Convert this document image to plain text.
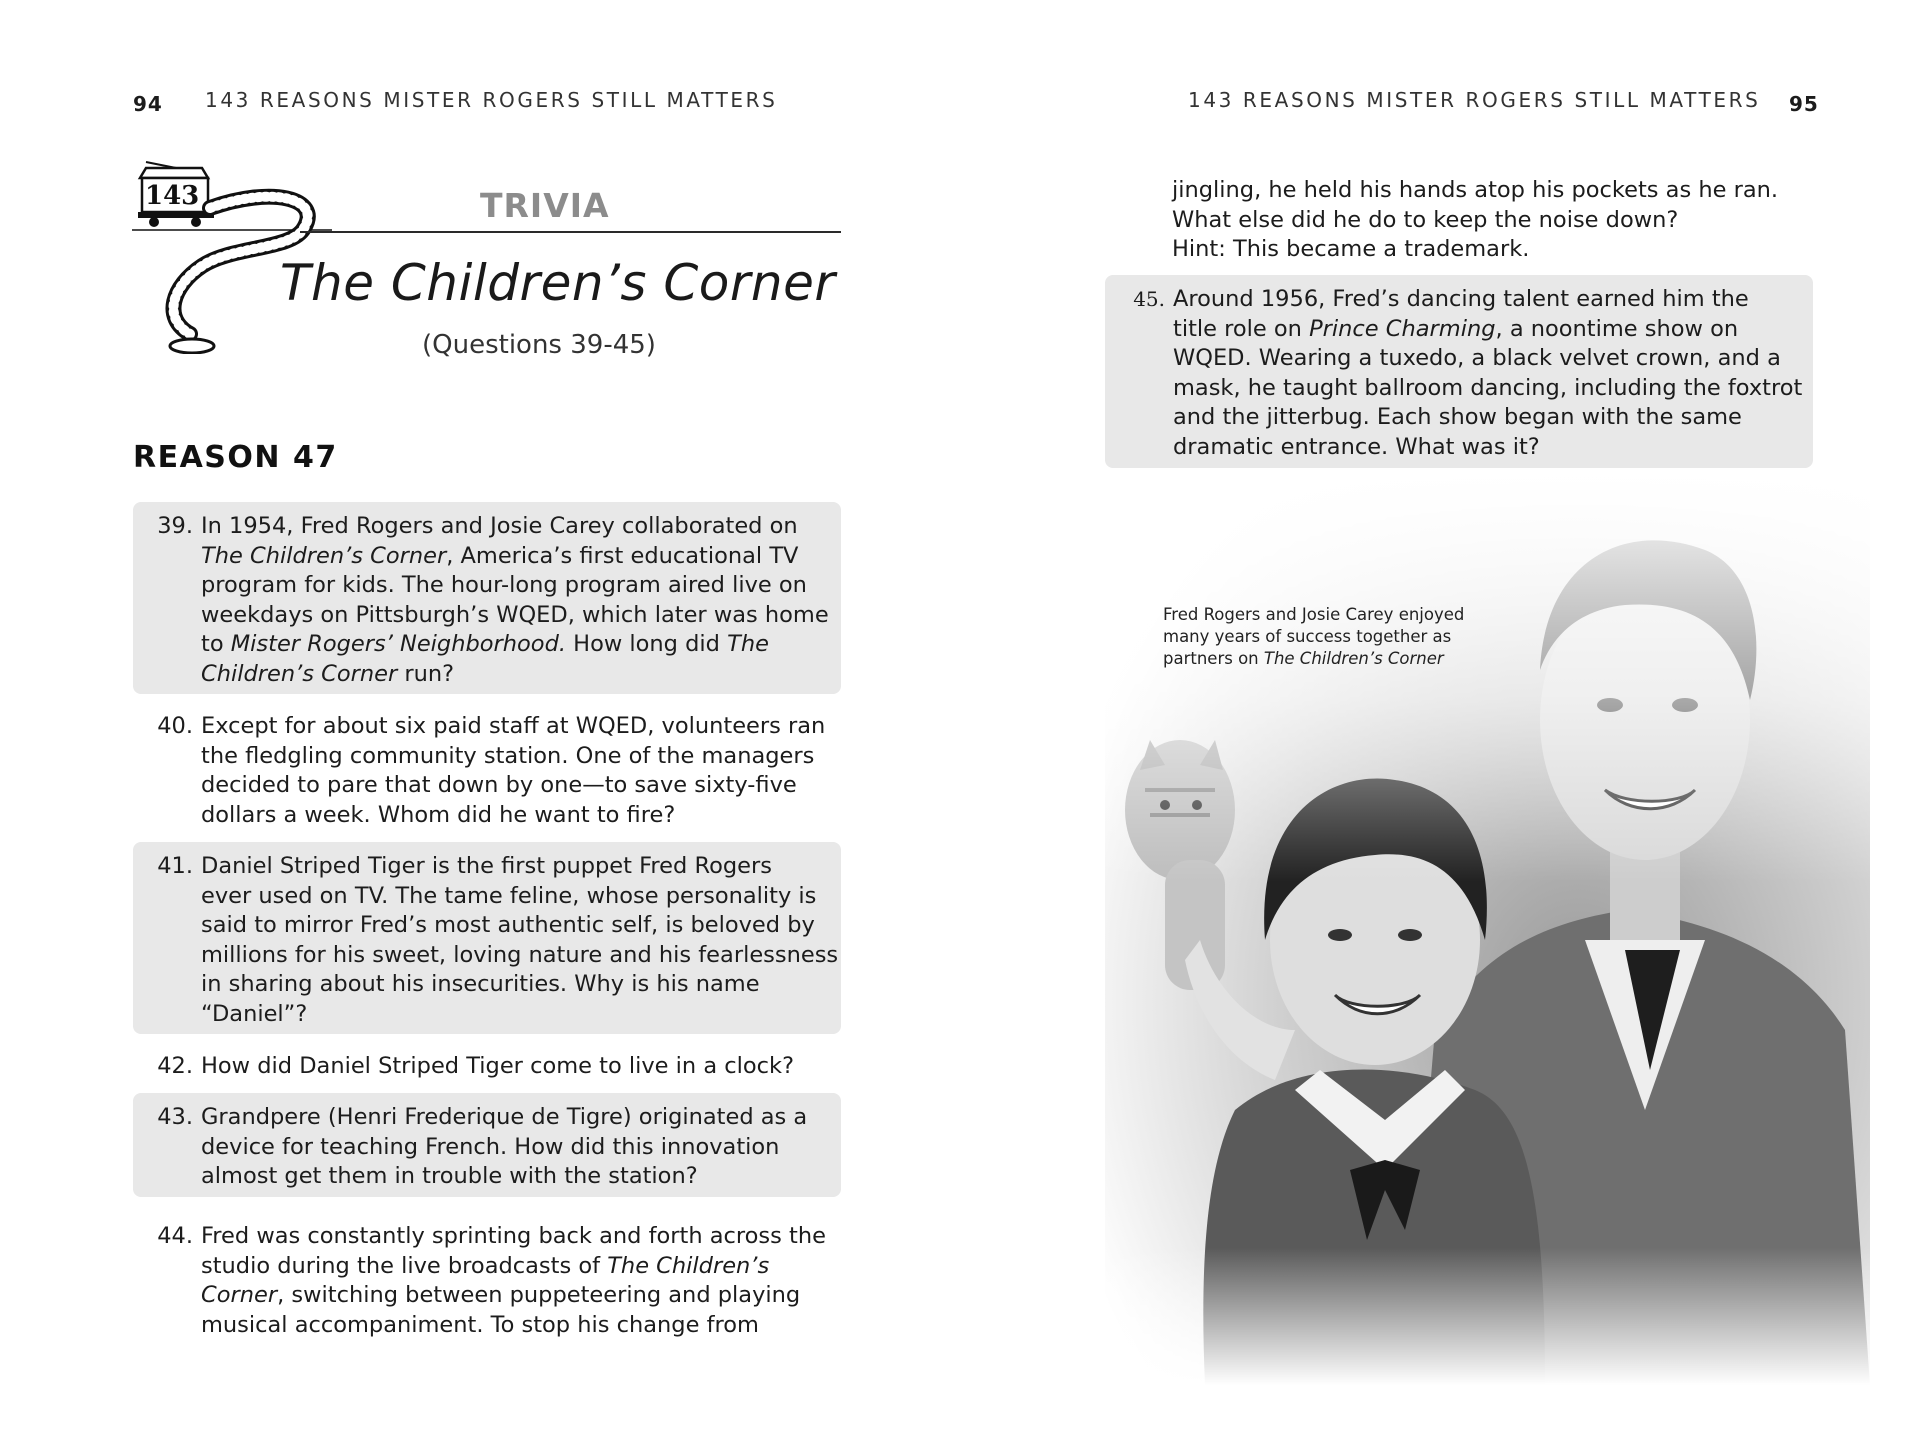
94 143 REASONS MISTER ROGERS STILL MATTERS
143	TRIVIA
The Children’s Corner
(Questions 39-45)
REASON 47
39. In 1954, Fred Rogers and Josie Carey collaborated on
The Children’s Corner, America’s first educational TV
program for kids. The hour-long program aired live on
weekdays on Pittsburgh’s WQED, which later was home
to Mister Rogers’ Neighborhood. How long did The
Children’s Corner run?
40. Except for about six paid staff at WQED, volunteers ran
the fledgling community station. One of the managers
decided to pare that down by one—to save sixty-five
dollars a week. Whom did he want to fire?
41. Daniel Striped Tiger is the first puppet Fred Rogers
ever used on TV. The tame feline, whose personality is
said to mirror Fred’s most authentic self, is beloved by
millions for his sweet, loving nature and his fearlessness
in sharing about his insecurities. Why is his name
“Daniel”?
42. How did Daniel Striped Tiger come to live in a clock?
43. Grandpere (Henri Frederique de Tigre) originated as a
device for teaching French. How did this innovation
almost get them in trouble with the station?
44. Fred was constantly sprinting back and forth across the
studio during the live broadcasts of The Children’s
Corner, switching between puppeteering and playing
musical accompaniment. To stop his change from
143 REASONS MISTER ROGERS STILL MATTERS 95
jingling, he held his hands atop his pockets as he ran.
What else did he do to keep the noise down?
Hint: This became a trademark.
45. Around 1956, Fred’s dancing talent earned him the
title role on Prince Charming, a noontime show on
WQED. Wearing a tuxedo, a black velvet crown, and a
mask, he taught ballroom dancing, including the foxtrot
and the jitterbug. Each show began with the same
dramatic entrance. What was it?
Fred Rogers and Josie Carey enjoyed
many years of success together as
partners on The Children’s Corner
